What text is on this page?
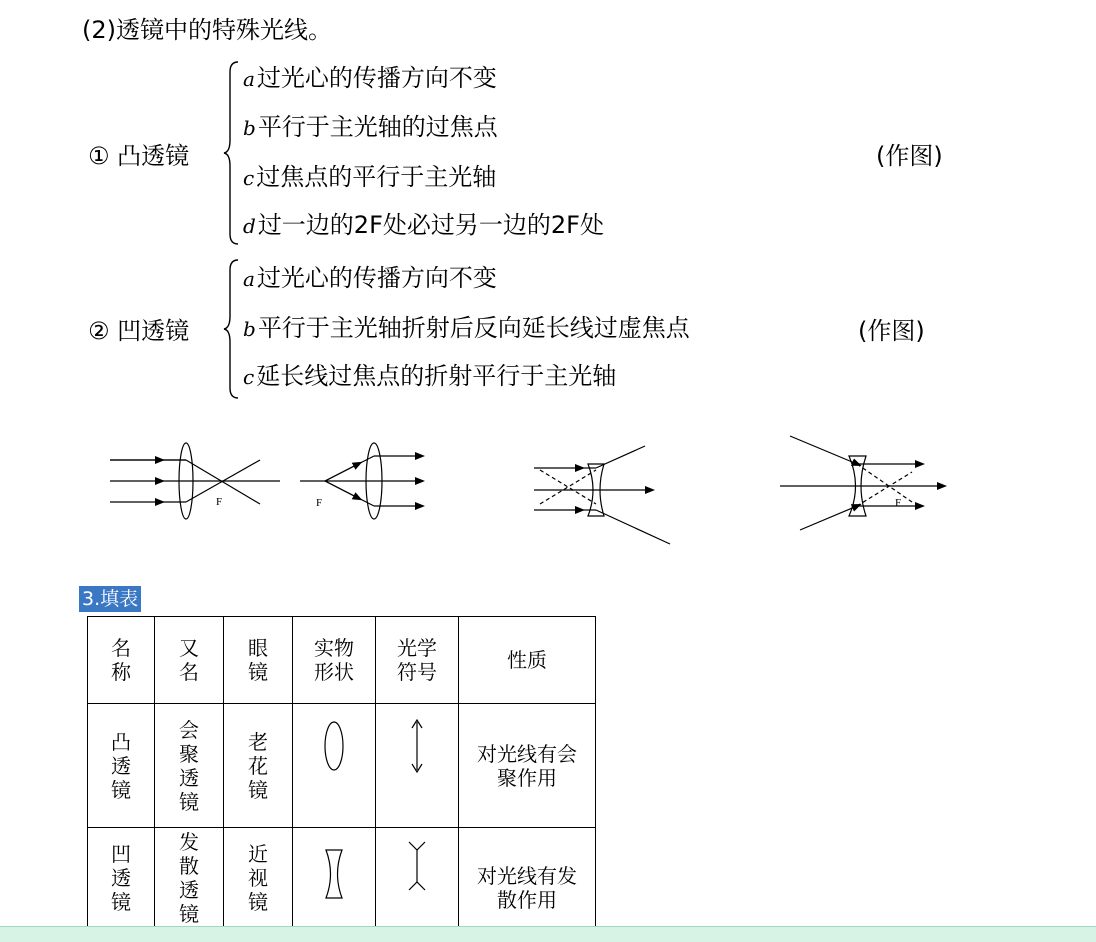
(2)透镜中的特殊光线。
① 凸透镜
a过光心的传播方向不变
b平行于主光轴的过焦点
c过焦点的平行于主光轴
d过一边的2F处必过另一边的2F处
(作图)
② 凹透镜
a过光心的传播方向不变
b平行于主光轴折射后反向延长线过虚焦点
c延长线过焦点的折射平行于主光轴
(作图)
F	F	F
3.填表
名称	又名	眼镜	实物形状	光学符号	性质

凸透镜	会聚透镜	老花镜			对光线有会聚作用

凹透镜	发散透镜	近视镜			对光线有发散作用
